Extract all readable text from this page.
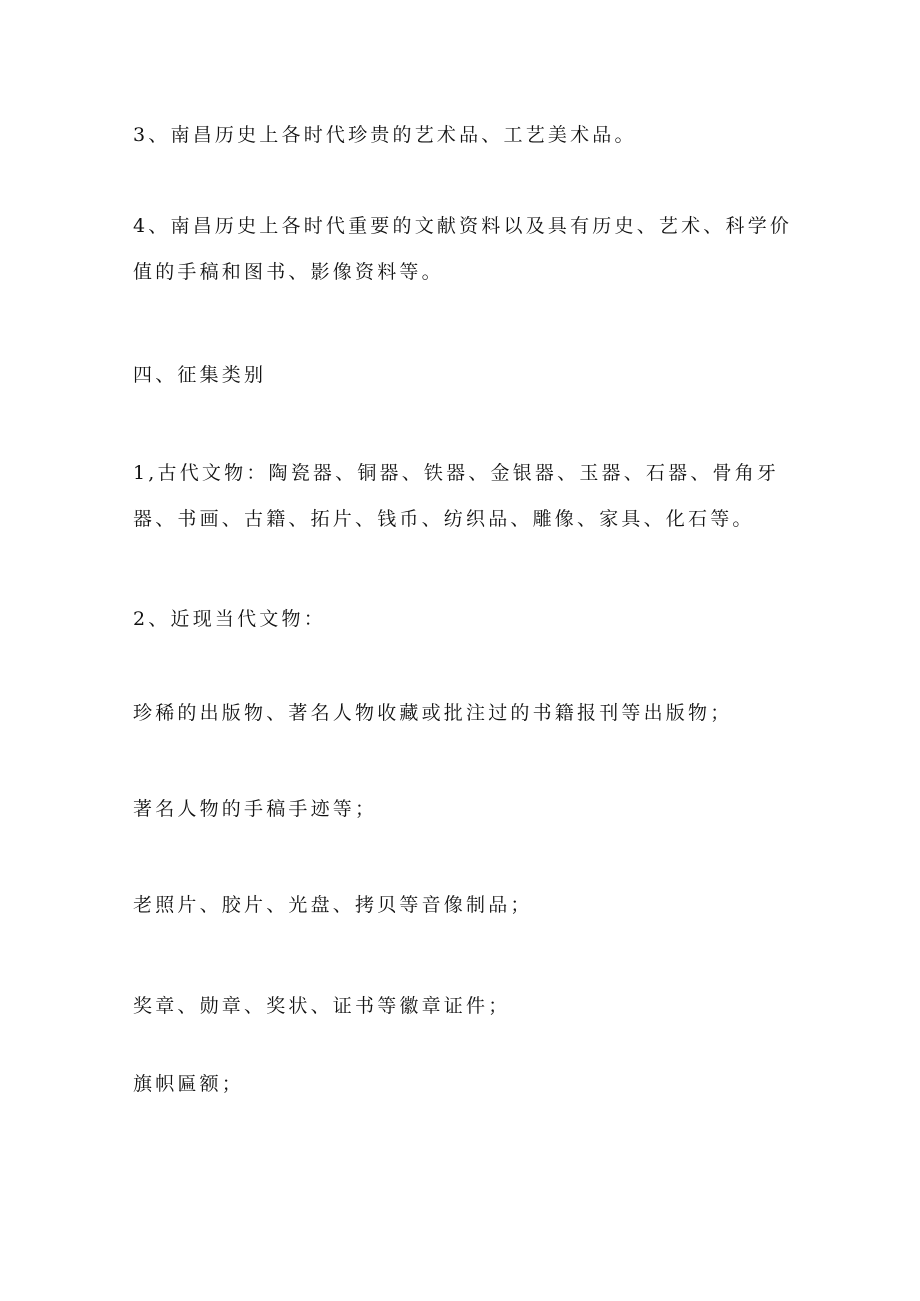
3、南昌历史上各时代珍贵的艺术品、工艺美术品。

4、南昌历史上各时代重要的文献资料以及具有历史、艺术、科学价值的手稿和图书、影像资料等。

四、征集类别

1,古代文物：陶瓷器、铜器、铁器、金银器、玉器、石器、骨角牙器、书画、古籍、拓片、钱币、纺织品、雕像、家具、化石等。

2、近现当代文物：

珍稀的出版物、著名人物收藏或批注过的书籍报刊等出版物；

著名人物的手稿手迹等；

老照片、胶片、光盘、拷贝等音像制品；

奖章、勋章、奖状、证书等徽章证件；

旗帜匾额；
